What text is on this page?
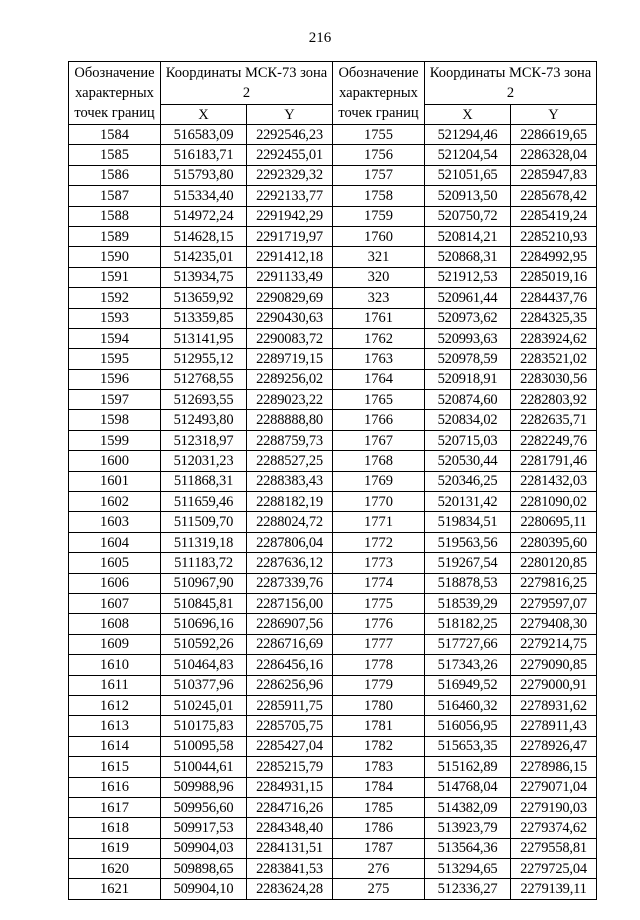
216
Обозначение характерных точек границ	Координаты МСК-73 зона 2		Обозначение характерных точек границ	Координаты МСК-73 зона 2	
	X	Y		X	Y
1584	516583,09	2292546,23	1755	521294,46	2286619,65
1585	516183,71	2292455,01	1756	521204,54	2286328,04
1586	515793,80	2292329,32	1757	521051,65	2285947,83
1587	515334,40	2292133,77	1758	520913,50	2285678,42
1588	514972,24	2291942,29	1759	520750,72	2285419,24
1589	514628,15	2291719,97	1760	520814,21	2285210,93
1590	514235,01	2291412,18	321	520868,31	2284992,95
1591	513934,75	2291133,49	320	521912,53	2285019,16
1592	513659,92	2290829,69	323	520961,44	2284437,76
1593	513359,85	2290430,63	1761	520973,62	2284325,35
1594	513141,95	2290083,72	1762	520993,63	2283924,62
1595	512955,12	2289719,15	1763	520978,59	2283521,02
1596	512768,55	2289256,02	1764	520918,91	2283030,56
1597	512693,55	2289023,22	1765	520874,60	2282803,92
1598	512493,80	2288888,80	1766	520834,02	2282635,71
1599	512318,97	2288759,73	1767	520715,03	2282249,76
1600	512031,23	2288527,25	1768	520530,44	2281791,46
1601	511868,31	2288383,43	1769	520346,25	2281432,03
1602	511659,46	2288182,19	1770	520131,42	2281090,02
1603	511509,70	2288024,72	1771	519834,51	2280695,11
1604	511319,18	2287806,04	1772	519563,56	2280395,60
1605	511183,72	2287636,12	1773	519267,54	2280120,85
1606	510967,90	2287339,76	1774	518878,53	2279816,25
1607	510845,81	2287156,00	1775	518539,29	2279597,07
1608	510696,16	2286907,56	1776	518182,25	2279408,30
1609	510592,26	2286716,69	1777	517727,66	2279214,75
1610	510464,83	2286456,16	1778	517343,26	2279090,85
1611	510377,96	2286256,96	1779	516949,52	2279000,91
1612	510245,01	2285911,75	1780	516460,32	2278931,62
1613	510175,83	2285705,75	1781	516056,95	2278911,43
1614	510095,58	2285427,04	1782	515653,35	2278926,47
1615	510044,61	2285215,79	1783	515162,89	2278986,15
1616	509988,96	2284931,15	1784	514768,04	2279071,04
1617	509956,60	2284716,26	1785	514382,09	2279190,03
1618	509917,53	2284348,40	1786	513923,79	2279374,62
1619	509904,03	2284131,51	1787	513564,36	2279558,81
1620	509898,65	2283841,53	276	513294,65	2279725,04
1621	509904,10	2283624,28	275	512336,27	2279139,11
